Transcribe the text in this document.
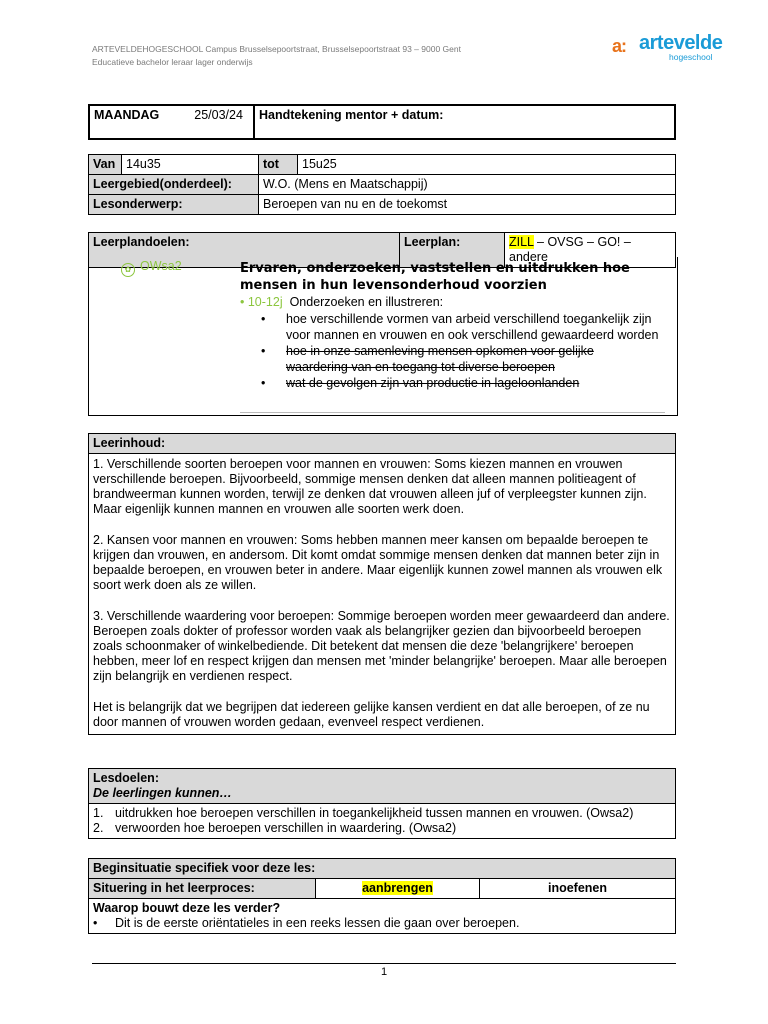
ARTEVELDEHOGESCHOOL Campus Brusselsepoortstraat, Brusselsepoortstraat 93 – 9000 Gent
Educatieve bachelor leraar lager onderwijs
a: artevelde
hogeschool
MAANDAG	25/03/24	Handtekening mentor + datum:
Van	14u35	tot	15u25
Leergebied(onderdeel):		W.O. (Mens en Maatschappij)	
Lesonderwerp:		Beroepen van nu en de toekomst	
Leerplandoelen:	Leerplan:	ZILL – OVSG – GO! – andere
✿ OWsa2	Ervaren, onderzoeken, vaststellen en uitdrukken hoe mensen in hun levensonderhoud voorzien
• 10-12j Onderzoeken en illustreren:
• hoe verschillende vormen van arbeid verschillend toegankelijk zijn voor mannen en vrouwen en ook verschillend gewaardeerd worden
• hoe in onze samenleving mensen opkomen voor gelijke waardering van en toegang tot diverse beroepen
• wat de gevolgen zijn van productie in lageloonlanden
Leerinhoud:

1. Verschillende soorten beroepen voor mannen en vrouwen: Soms kiezen mannen en vrouwen verschillende beroepen. Bijvoorbeeld, sommige mensen denken dat alleen mannen politieagent of brandweerman kunnen worden, terwijl ze denken dat vrouwen alleen juf of verpleegster kunnen zijn. Maar eigenlijk kunnen mannen en vrouwen alle soorten werk doen.

2. Kansen voor mannen en vrouwen: Soms hebben mannen meer kansen om bepaalde beroepen te krijgen dan vrouwen, en andersom. Dit komt omdat sommige mensen denken dat mannen beter zijn in bepaalde beroepen, en vrouwen beter in andere. Maar eigenlijk kunnen zowel mannen als vrouwen elk soort werk doen als ze willen.

3. Verschillende waardering voor beroepen: Sommige beroepen worden meer gewaardeerd dan andere. Beroepen zoals dokter of professor worden vaak als belangrijker gezien dan bijvoorbeeld beroepen zoals schoonmaker of winkelbediende. Dit betekent dat mensen die deze 'belangrijkere' beroepen hebben, meer lof en respect krijgen dan mensen met 'minder belangrijke' beroepen. Maar alle beroepen zijn belangrijk en verdienen respect.

Het is belangrijk dat we begrijpen dat iedereen gelijke kansen verdient en dat alle beroepen, of ze nu door mannen of vrouwen worden gedaan, evenveel respect verdienen.

Lesdoelen:
De leerlingen kunnen…

1. uitdrukken hoe beroepen verschillen in toegankelijkheid tussen mannen en vrouwen. (Owsa2)
2. verwoorden hoe beroepen verschillen in waardering. (Owsa2)
Beginsituatie specifiek voor deze les:
Situering in het leerproces:	aanbrengen	inoefenen

Waarop bouwt deze les verder?
• Dit is de eerste oriëntatieles in een reeks lessen die gaan over beroepen.
1
